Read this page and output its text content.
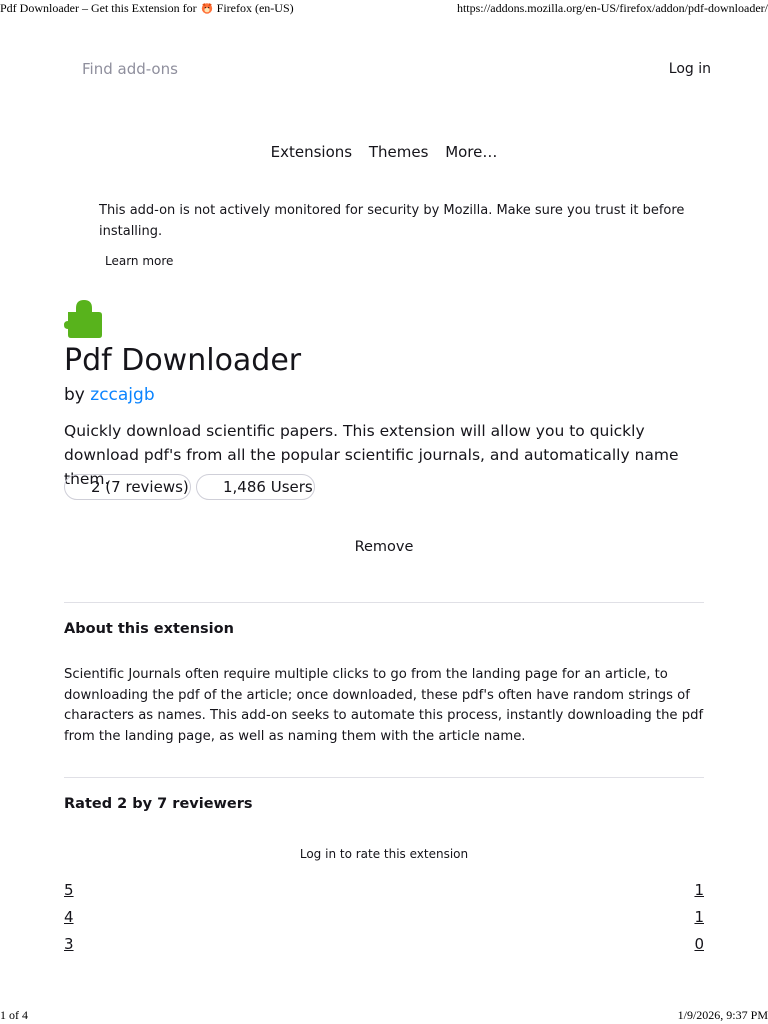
Pdf Downloader – Get this Extension for Firefox (en-US)	https://addons.mozilla.org/en-US/firefox/addon/pdf-downloader/
Find add-ons
Log in
Extensions Themes More…
This add-on is not actively monitored for security by Mozilla. Make sure you trust it before installing.
Learn more
Pdf Downloader
by zccajgb
Quickly download scientific papers. This extension will allow you to quickly download pdf's from all the popular scientific journals, and automatically name them.
2 (7 reviews)	1,486 Users
Remove
About this extension

Scientific Journals often require multiple clicks to go from the landing page for an article, to downloading the pdf of the article; once downloaded, these pdf's often have random strings of characters as names. This add-on seeks to automate this process, instantly downloading the pdf from the landing page, as well as naming them with the article name.

Rated 2 by 7 reviewers
Log in to rate this extension
5	1
4	1
3	0
1 of 4	1/9/2026, 9:37 PM
